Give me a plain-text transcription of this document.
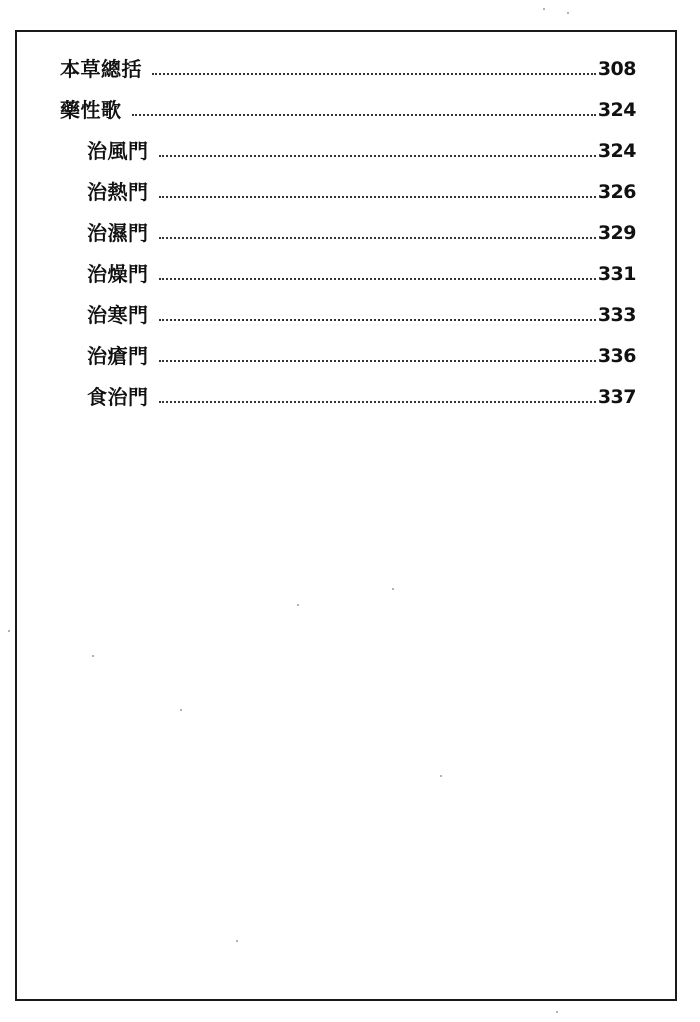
本草總括	308
藥性歌	324
治風門	324
治熱門	326
治濕門	329
治燥門	331
治寒門	333
治瘡門	336
食治門	337
